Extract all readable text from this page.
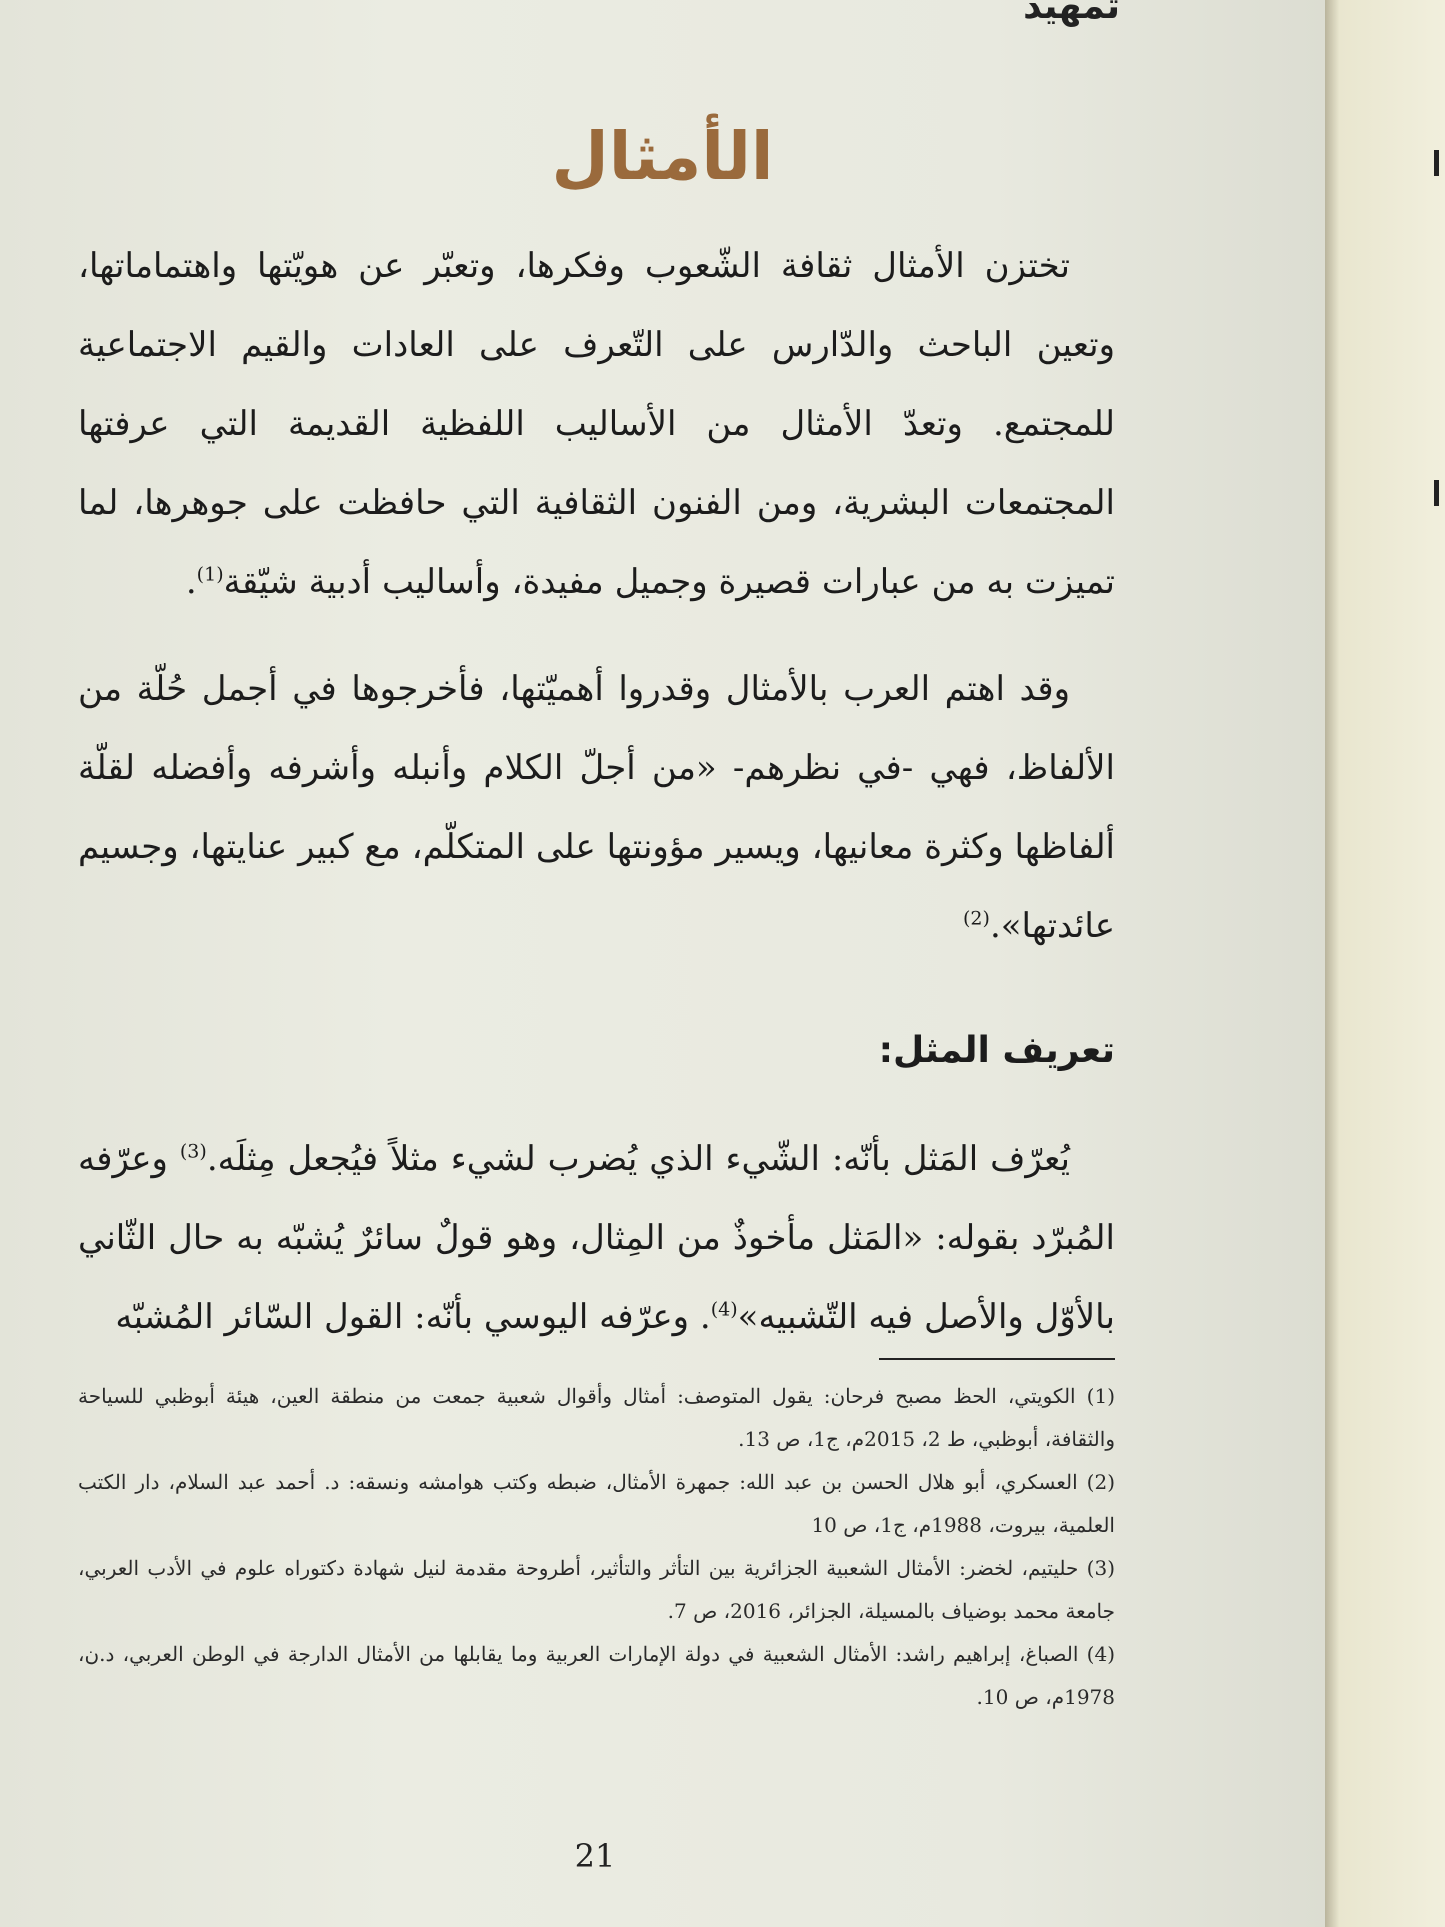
تمهيد
الأمثال

تختزن الأمثال ثقافة الشّعوب وفكرها، وتعبّر عن هويّتها واهتماماتها، وتعين الباحث والدّارس على التّعرف على العادات والقيم الاجتماعية للمجتمع. وتعدّ الأمثال من الأساليب اللفظية القديمة التي عرفتها المجتمعات البشرية، ومن الفنون الثقافية التي حافظت على جوهرها، لما تميزت به من عبارات قصيرة وجميل مفيدة، وأساليب أدبية شيّقة$^{(1)}$.

وقد اهتم العرب بالأمثال وقدروا أهميّتها، فأخرجوها في أجمل حُلّة من الألفاظ، فهي -في نظرهم- «من أجلّ الكلام وأنبله وأشرفه وأفضله لقلّة ألفاظها وكثرة معانيها، ويسير مؤونتها على المتكلّم، مع كبير عنايتها، وجسيم عائدتها».$^{(2)}$

تعريف المثل:

يُعرّف المَثل بأنّه: الشّيء الذي يُضرب لشيء مثلاً فيُجعل مِثلَه.$^{(3)}$ وعرّفه المُبرّد بقوله: «المَثل مأخوذٌ من المِثال، وهو قولٌ سائرٌ يُشبّه به حال الثّاني بالأوّل والأصل فيه التّشبيه»$^{(4)}$. وعرّفه اليوسي بأنّه: القول السّائر المُشبّه

(1) الكويتي، الحظ مصبح فرحان: يقول المتوصف: أمثال وأقوال شعبية جمعت من منطقة العين، هيئة أبوظبي للسياحة والثقافة، أبوظبي، ط 2، 2015م، ج1، ص 13.

(2) العسكري، أبو هلال الحسن بن عبد الله: جمهرة الأمثال، ضبطه وكتب هوامشه ونسقه: د. أحمد عبد السلام، دار الكتب العلمية، بيروت، 1988م، ج1، ص 10

(3) حليتيم، لخضر: الأمثال الشعبية الجزائرية بين التأثر والتأثير، أطروحة مقدمة لنيل شهادة دكتوراه علوم في الأدب العربي، جامعة محمد بوضياف بالمسيلة، الجزائر، 2016، ص 7.

(4) الصباغ، إبراهيم راشد: الأمثال الشعبية في دولة الإمارات العربية وما يقابلها من الأمثال الدارجة في الوطن العربي، د.ن، 1978م، ص 10.

21
